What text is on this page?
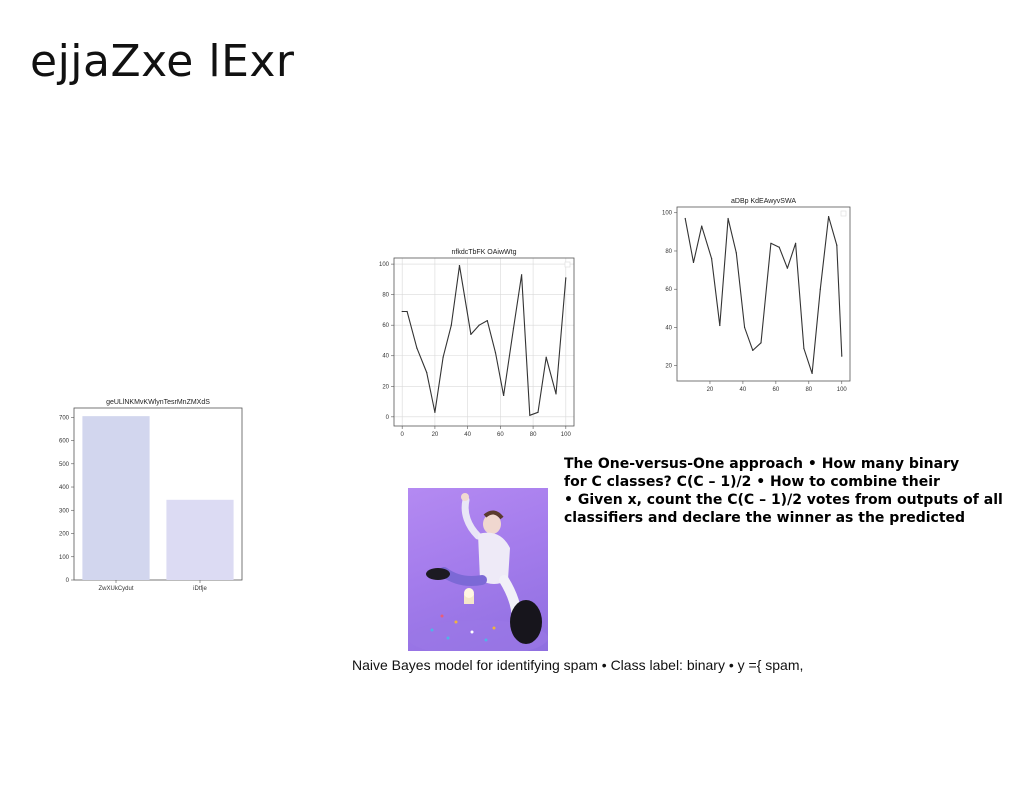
ejjaZxe lExr
geULlNKMvKWlynTesrMnZMXdS
0
100
200
300
400
500
600
700
ZwXUkCydut	iDtfje
nfkdcTbFK OAiwWtg
0	20	40	60	80	100
0
20
40
60
80
100
aDBp KdEAwyvSWA
20	40	60	80	100
20
40
60
80
100
The One-versus-One approach • How many binary
for C classes? C(C – 1)/2 • How to combine their
• Given x, count the C(C – 1)/2 votes from outputs of all
classifiers and declare the winner as the predicted

Naive Bayes model for identifying spam • Class label: binary • y ={ spam,
